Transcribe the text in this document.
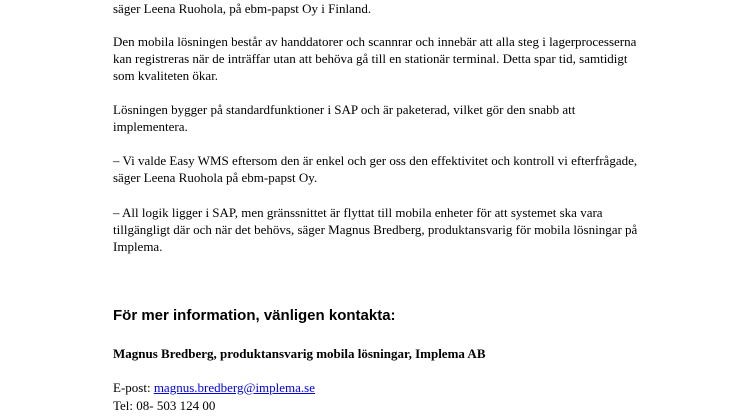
säger Leena Ruohola, på ebm-papst Oy i Finland.

Den mobila lösningen består av handdatorer och scannrar och innebär att alla steg i lagerprocesserna kan registreras när de inträffar utan att behöva gå till en stationär terminal. Detta spar tid, samtidigt som kvaliteten ökar.

Lösningen bygger på standardfunktioner i SAP och är paketerad, vilket gör den snabb att implementera.

– Vi valde Easy WMS eftersom den är enkel och ger oss den effektivitet och kontroll vi efterfrågade, säger Leena Ruohola på ebm-papst Oy.

– All logik ligger i SAP, men gränssnittet är flyttat till mobila enheter för att systemet ska vara tillgängligt där och när det behövs, säger Magnus Bredberg, produktansvarig för mobila lösningar på Implema.

För mer information, vänligen kontakta:

Magnus Bredberg, produktansvarig mobila lösningar, Implema AB

E-post: magnus.bredberg@implema.se

Tel: 08- 503 124 00
